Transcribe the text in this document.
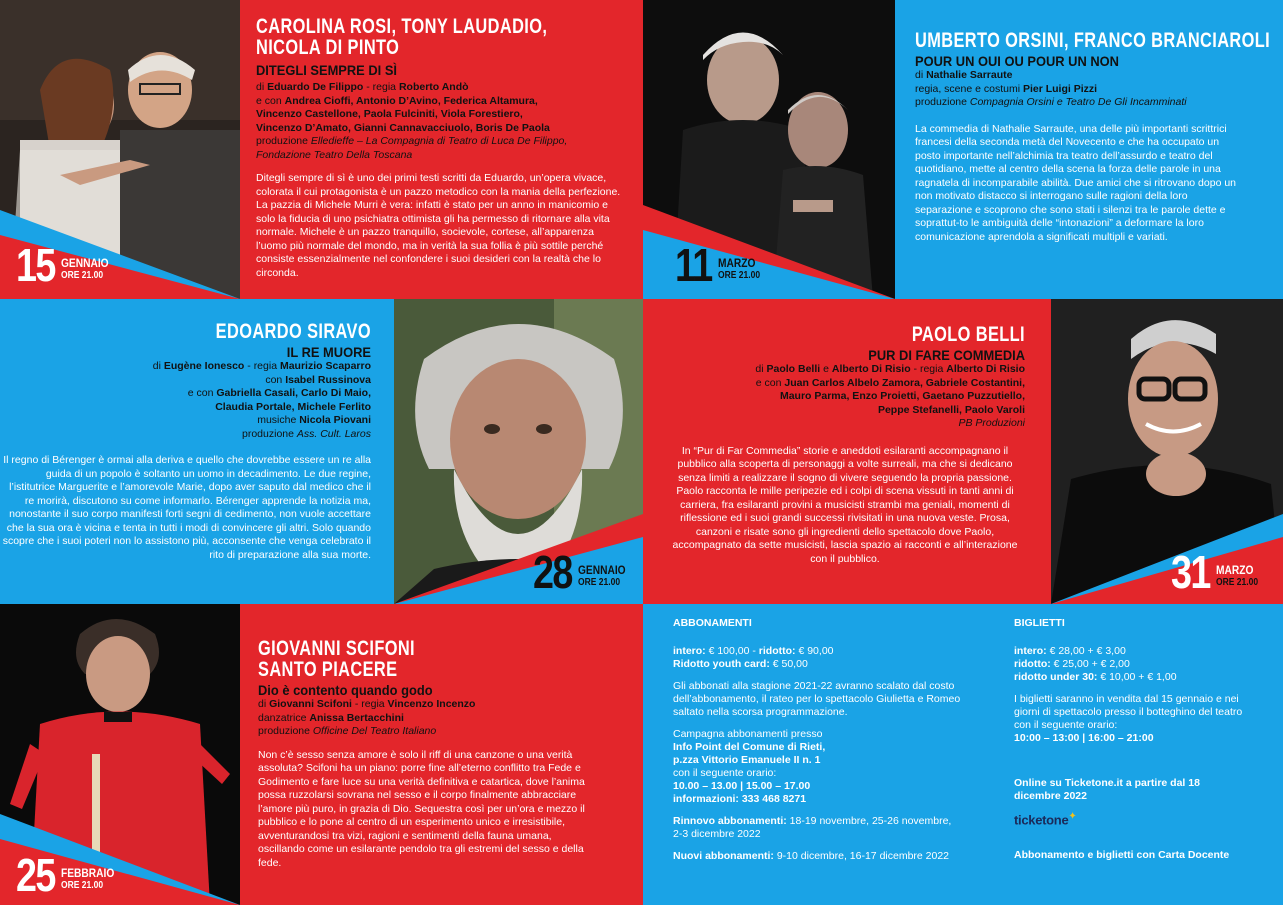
15 GENNAIO
ORE 21.00
CAROLINA ROSI, TONY LAUDADIO,
NICOLA DI PINTO
DITEGLI SEMPRE DI SÌ
di Eduardo De Filippo - regia Roberto Andò
e con Andrea Cioffi, Antonio D’Avino, Federica Altamura,
Vincenzo Castellone, Paola Fulciniti, Viola Forestiero,
Vincenzo D’Amato, Gianni Cannavacciuolo, Boris De Paola
produzione Elledieffe – La Compagnia di Teatro di Luca De Filippo,
Fondazione Teatro Della Toscana
Ditegli sempre di sì è uno dei primi testi scritti da Eduardo, un’opera vivace, colorata il cui protagonista è un pazzo metodico con la mania della perfezione. La pazzia di Michele Murri è vera: infatti è stato per un anno in manicomio e solo la fiducia di uno psichiatra ottimista gli ha permesso di ritornare alla vita normale. Michele è un pazzo tranquillo, socievole, cortese, all’apparenza l’uomo più normale del mondo, ma in verità la sua follia è più sottile perché consiste essenzialmente nel confondere i suoi desideri con la realtà che lo circonda.	11 MARZO
ORE 21.00
UMBERTO ORSINI, FRANCO BRANCIAROLI
POUR UN OUI OU POUR UN NON
di Nathalie Sarraute
regia, scene e costumi Pier Luigi Pizzi
produzione Compagnia Orsini e Teatro De Gli Incamminati
La commedia di Nathalie Sarraute, una delle più importanti scrittrici francesi della seconda metà del Novecento e che ha occupato un posto importante nell’alchimia tra teatro dell’assurdo e teatro del quotidiano, mette al centro della scena la forza delle parole in una ragnatela di incomparabile abilità. Due amici che si ritrovano dopo un non motivato distacco si interrogano sulle ragioni della loro separazione e scoprono che sono stati i silenzi tra le parole dette e soprattut-to le ambiguità delle “intonazioni” a deformare la loro comunicazione aprendola a significati multipli e variati.
EDOARDO SIRAVO
IL RE MUORE
di Eugène Ionesco - regia Maurizio Scaparro
con Isabel Russinova
e con Gabriella Casali, Carlo Di Maio,
Claudia Portale, Michele Ferlito
musiche Nicola Piovani
produzione Ass. Cult. Laros
Il regno di Bérenger è ormai alla deriva e quello che dovrebbe essere un re alla guida di un popolo è soltanto un uomo in decadimento. Le due regine, l’istitutrice Marguerite e l’amorevole Marie, dopo aver saputo dal medico che il re morirà, discutono su come informarlo. Bérenger apprende la notizia ma, nonostante il suo corpo manifesti forti segni di cedimento, non vuole accettare che la sua ora è vicina e tenta in tutti i modi di convincere gli altri. Solo quando scopre che i suoi poteri non lo assistono più, acconsente che venga celebrato il rito di preparazione alla sua morte.	28 GENNAIO
ORE 21.00
PAOLO BELLI
PUR DI FARE COMMEDIA
di Paolo Belli e Alberto Di Risio - regia Alberto Di Risio
e con Juan Carlos Albelo Zamora, Gabriele Costantini,
Mauro Parma, Enzo Proietti, Gaetano Puzzutiello,
Peppe Stefanelli, Paolo Varoli
PB Produzioni
In “Pur di Far Commedia” storie e aneddoti esilaranti accompagnano il pubblico alla scoperta di personaggi a volte surreali, ma che si dedicano senza limiti a realizzare il sogno di vivere seguendo la propria passione. Paolo racconta le mille peripezie ed i colpi di scena vissuti in tanti anni di carriera, fra esilaranti provini a musicisti strambi ma geniali, momenti di riflessione ed i suoi grandi successi rivisitati in una nuova veste. Prosa, canzoni e risate sono gli ingredienti dello spettacolo dove Paolo, accompagnato da sette musicisti, lascia spazio ai racconti e all’interazione con il pubblico.	31 MARZO
ORE 21.00
25 FEBBRAIO
ORE 21.00
GIOVANNI SCIFONI
SANTO PIACERE
Dio è contento quando godo
di Giovanni Scifoni - regia Vincenzo Incenzo
danzatrice Anissa Bertacchini
produzione Officine Del Teatro Italiano
Non c’è sesso senza amore è solo il riff di una canzone o una verità assoluta? Scifoni ha un piano: porre fine all’eterno conflitto tra Fede e Godimento e fare luce su una verità definitiva e catartica, dove l’anima possa ruzzolarsi sovrana nel sesso e il corpo finalmente abbracciare l’amore più puro, in grazia di Dio. Sequestra così per un’ora e mezzo il pubblico e lo pone al centro di un esperimento unico e irresistibile, avventurandosi tra vizi, ragioni e sentimenti della fauna umana, oscillando come un esilarante pendolo tra gli estremi del sesso e della fede.
ABBONAMENTI
intero: € 100,00 - ridotto: € 90,00
Ridotto youth card: € 50,00
Gli abbonati alla stagione 2021-22 avranno scalato dal costo dell’abbonamento, il rateo per lo spettacolo Giulietta e Romeo saltato nella scorsa programmazione.
Campagna abbonamenti presso
Info Point del Comune di Rieti,
p.zza Vittorio Emanuele II n. 1
con il seguente orario:
10.00 – 13.00 | 15.00 – 17.00
informazioni: 333 468 8271
Rinnovo abbonamenti: 18-19 novembre, 25-26 novembre, 2-3 dicembre 2022
Nuovi abbonamenti: 9-10 dicembre, 16-17 dicembre 2022
BIGLIETTI
intero: € 28,00 + € 3,00
ridotto: € 25,00 + € 2,00
ridotto under 30: € 10,00 + € 1,00
I biglietti saranno in vendita dal 15 gennaio e nei giorni di spettacolo presso il botteghino del teatro con il seguente orario:
10:00 – 13:00 | 16:00 – 21:00
Online su Ticketone.it a partire dal 18 dicembre 2022
ticketone✦
Abbonamento e biglietti con Carta Docente
